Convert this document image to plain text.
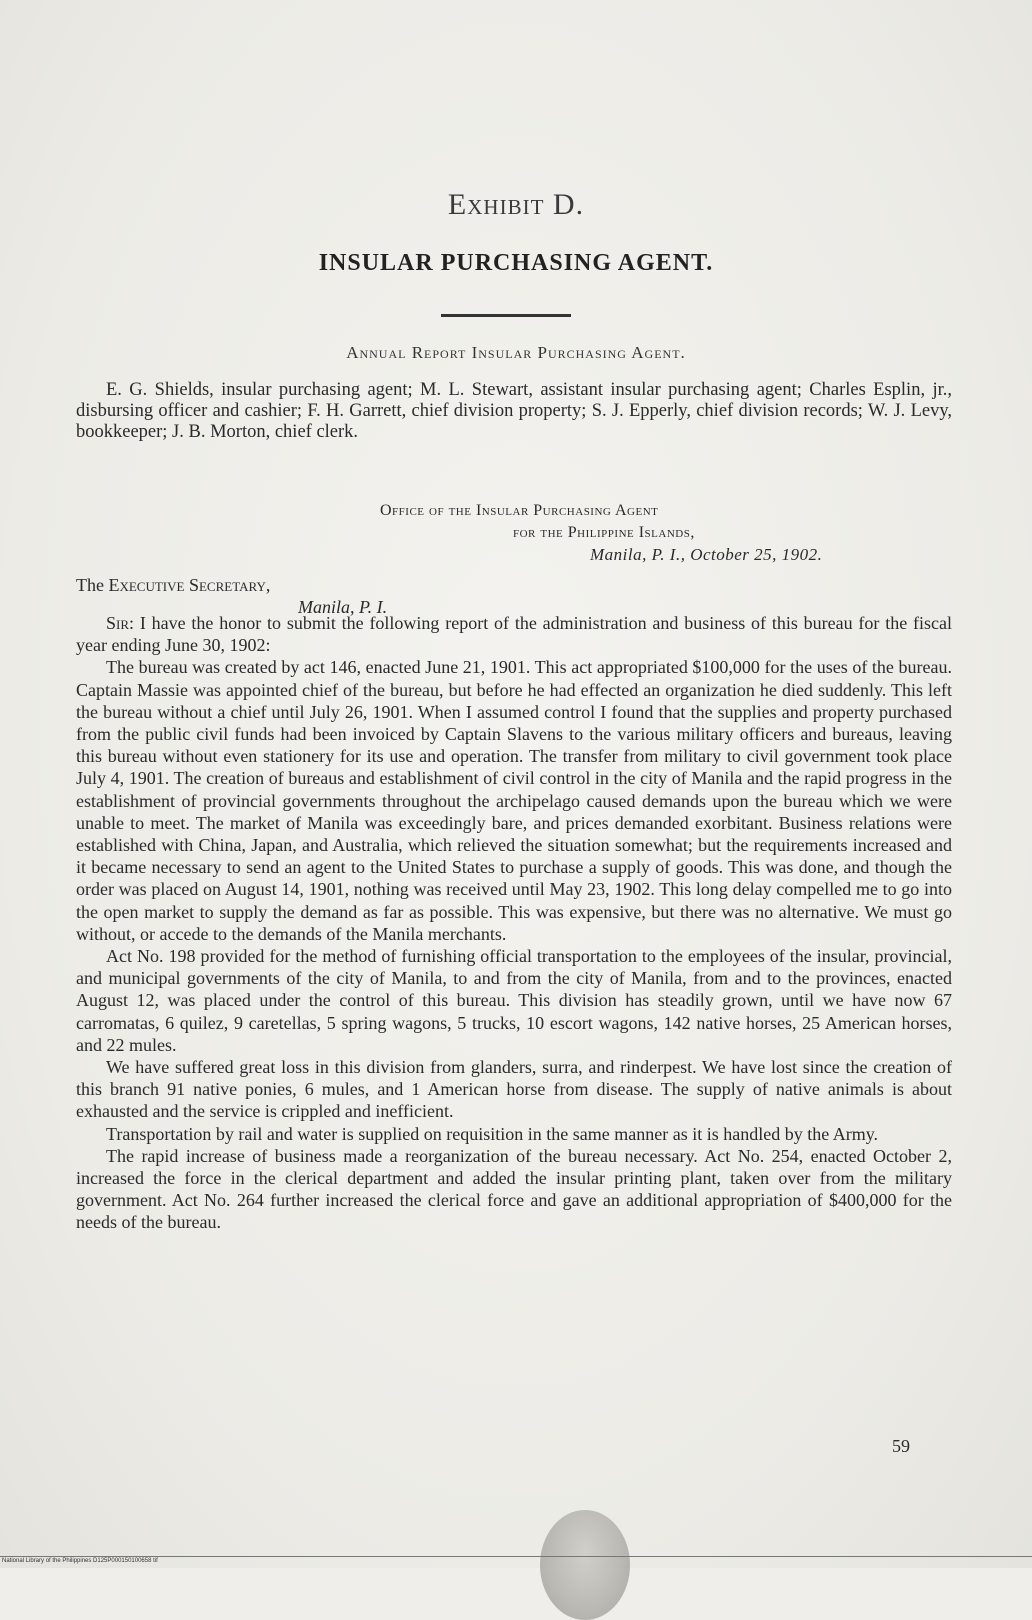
Exhibit D.
INSULAR PURCHASING AGENT.
Annual Report Insular Purchasing Agent.
E. G. Shields, insular purchasing agent; M. L. Stewart, assistant insular purchasing agent; Charles Esplin, jr., disbursing officer and cashier; F. H. Garrett, chief division property; S. J. Epperly, chief division records; W. J. Levy, bookkeeper; J. B. Morton, chief clerk.
Office of the Insular Purchasing Agent
for the Philippine Islands,
Manila, P. I., October 25, 1902.
The Executive Secretary,
Manila, P. I.

Sir: I have the honor to submit the following report of the administration and business of this bureau for the fiscal year ending June 30, 1902:

The bureau was created by act 146, enacted June 21, 1901. This act appropriated $100,000 for the uses of the bureau. Captain Massie was appointed chief of the bureau, but before he had effected an organization he died suddenly. This left the bureau without a chief until July 26, 1901. When I assumed control I found that the supplies and property purchased from the public civil funds had been invoiced by Captain Slavens to the various military officers and bureaus, leaving this bureau without even stationery for its use and operation. The transfer from military to civil government took place July 4, 1901. The creation of bureaus and establishment of civil control in the city of Manila and the rapid progress in the establishment of provincial governments throughout the archipelago caused demands upon the bureau which we were unable to meet. The market of Manila was exceedingly bare, and prices demanded exorbitant. Business relations were established with China, Japan, and Australia, which relieved the situation somewhat; but the requirements increased and it became necessary to send an agent to the United States to purchase a supply of goods. This was done, and though the order was placed on August 14, 1901, nothing was received until May 23, 1902. This long delay compelled me to go into the open market to supply the demand as far as possible. This was expensive, but there was no alternative. We must go without, or accede to the demands of the Manila merchants.

Act No. 198 provided for the method of furnishing official transportation to the employees of the insular, provincial, and municipal governments of the city of Manila, to and from the city of Manila, from and to the provinces, enacted August 12, was placed under the control of this bureau. This division has steadily grown, until we have now 67 carromatas, 6 quilez, 9 caretellas, 5 spring wagons, 5 trucks, 10 escort wagons, 142 native horses, 25 American horses, and 22 mules.

We have suffered great loss in this division from glanders, surra, and rinderpest. We have lost since the creation of this branch 91 native ponies, 6 mules, and 1 American horse from disease. The supply of native animals is about exhausted and the service is crippled and inefficient.

Transportation by rail and water is supplied on requisition in the same manner as it is handled by the Army.

The rapid increase of business made a reorganization of the bureau necessary. Act No. 254, enacted October 2, increased the force in the clerical department and added the insular printing plant, taken over from the military government. Act No. 264 further increased the clerical force and gave an additional appropriation of $400,000 for the needs of the bureau.

59
National Library of the Philippines D125P000150100658 tif
